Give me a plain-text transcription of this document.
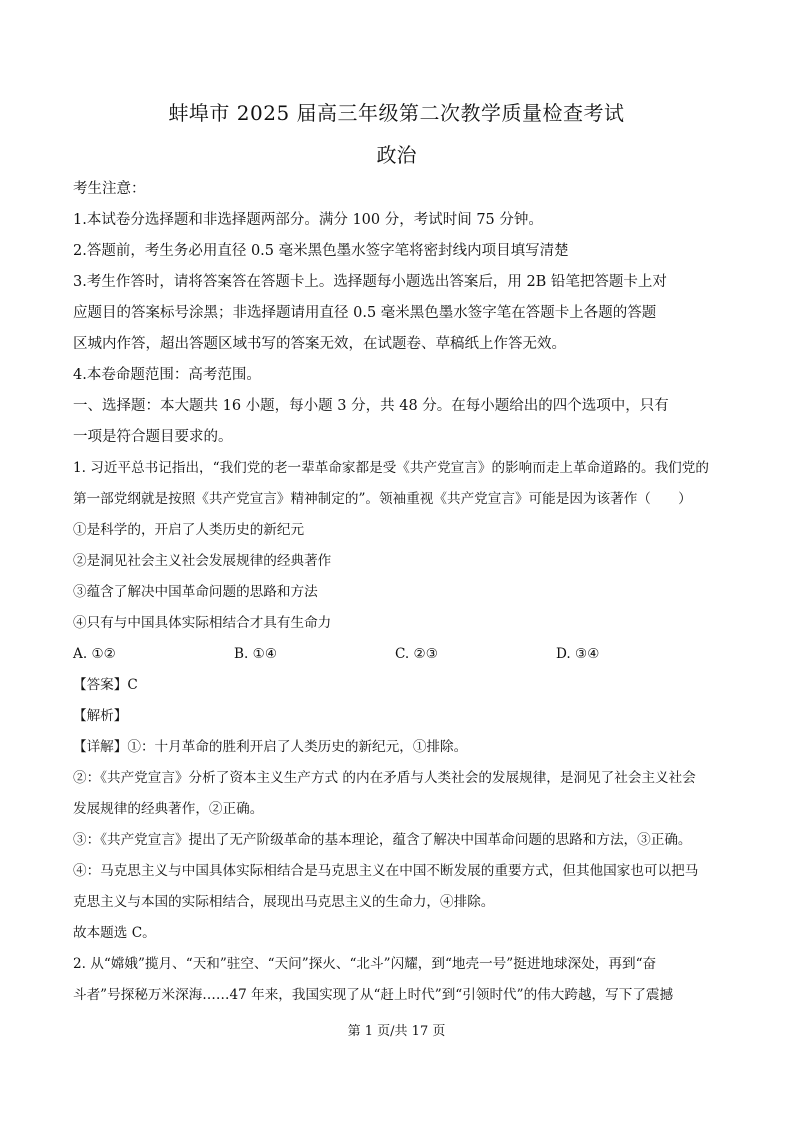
蚌埠市 2025 届高三年级第二次教学质量检查考试
政治
考生注意：
1.本试卷分选择题和非选择题两部分。满分 100 分，考试时间 75 分钟。
2.答题前，考生务必用直径 0.5 毫米黑色墨水签字笔将密封线内项目填写清楚
3.考生作答时，请将答案答在答题卡上。选择题每小题选出答案后，用 2B 铅笔把答题卡上对
应题目的答案标号涂黑；非选择题请用直径 0.5 毫米黑色墨水签字笔在答题卡上各题的答题
区城内作答，超出答题区域书写的答案无效，在试题卷、草稿纸上作答无效。
4.本卷命题范围：高考范围。
一、选择题：本大题共 16 小题，每小题 3 分，共 48 分。在每小题给出的四个选项中，只有
一项是符合题目要求的。
1. 习近平总书记指出，“我们党的老一辈革命家都是受《共产党宣言》的影响而走上革命道路的。我们党的
第一部党纲就是按照《共产党宣言》精神制定的”。领袖重视《共产党宣言》可能是因为该著作（　　）
①是科学的，开启了人类历史的新纪元
②是洞见社会主义社会发展规律的经典著作
③蕴含了解决中国革命问题的思路和方法
④只有与中国具体实际相结合才具有生命力
A. ①②	B. ①④	C. ②③	D. ③④
【答案】C
【解析】
【详解】①：十月革命的胜利开启了人类历史的新纪元，①排除。
②：《共产党宣言》分析了资本主义生产方式 的内在矛盾与人类社会的发展规律，是洞见了社会主义社会
发展规律的经典著作，②正确。
③：《共产党宣言》提出了无产阶级革命的基本理论，蕴含了解决中国革命问题的思路和方法，③正确。
④：马克思主义与中国具体实际相结合是马克思主义在中国不断发展的重要方式，但其他国家也可以把马
克思主义与本国的实际相结合，展现出马克思主义的生命力，④排除。
故本题选 C。
2. 从“嫦娥”揽月、“天和”驻空、“天问”探火、“北斗”闪耀，到“地壳一号”挺进地球深处，再到“奋
斗者”号探秘万米深海……47 年来，我国实现了从“赶上时代”到“引领时代”的伟大跨越，写下了震撼
第 1 页/共 17 页
